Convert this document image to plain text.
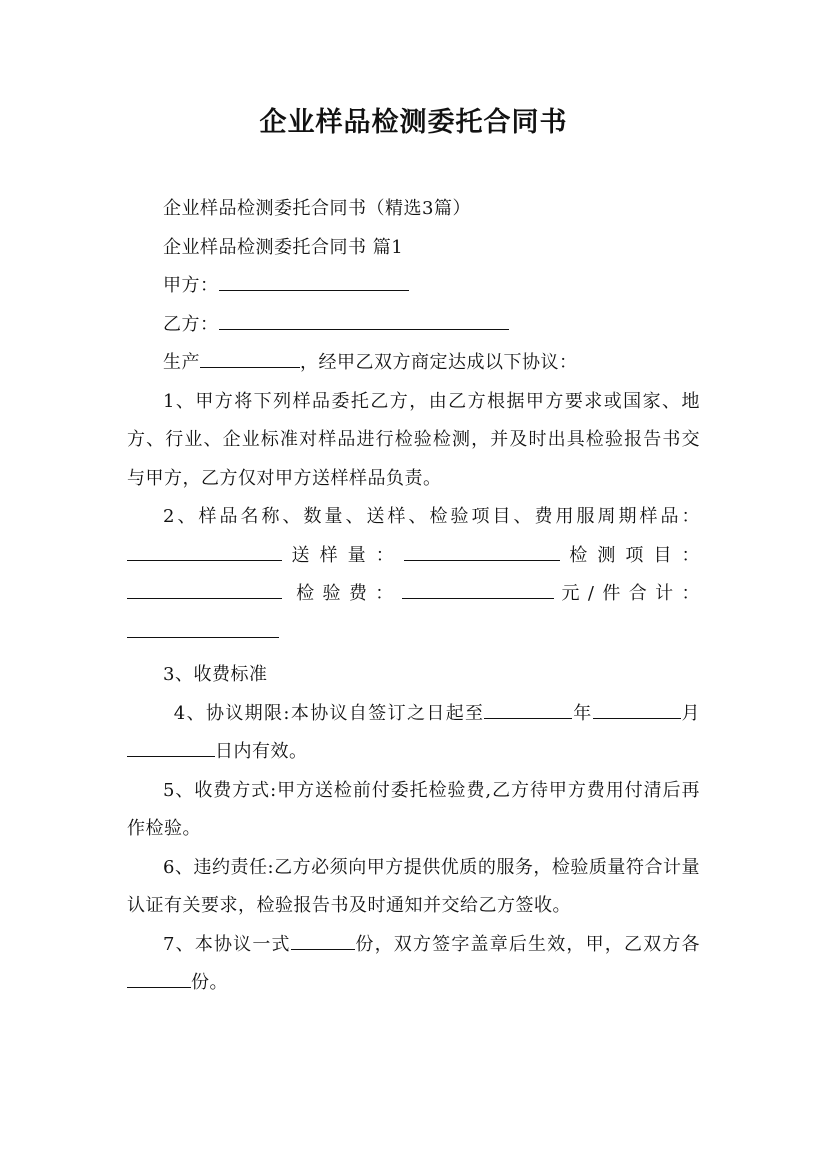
企业样品检测委托合同书

企业样品检测委托合同书（精选3篇）

企业样品检测委托合同书 篇1

甲方：

乙方：

生产	，经甲乙双方商定达成以下协议：

1、甲方将下列样品委托乙方，由乙方根据甲方要求或国家、地方、行业、企业标准对样品进行检验检测，并及时出具检验报告书交与甲方，乙方仅对甲方送样样品负责。

2、样品名称、数量、送样、检验项目、费用服周期样品：送样量：	检测项目： 检验费：	元/件合计：

3、收费标准

4、协议期限:本协议自签订之日起至	年	月日内有效。

5、收费方式:甲方送检前付委托检验费,乙方待甲方费用付清后再作检验。

6、违约责任:乙方必须向甲方提供优质的服务，检验质量符合计量认证有关要求，检验报告书及时通知并交给乙方签收。

7、本协议一式	份，双方签字盖章后生效，甲，乙双方各份。
